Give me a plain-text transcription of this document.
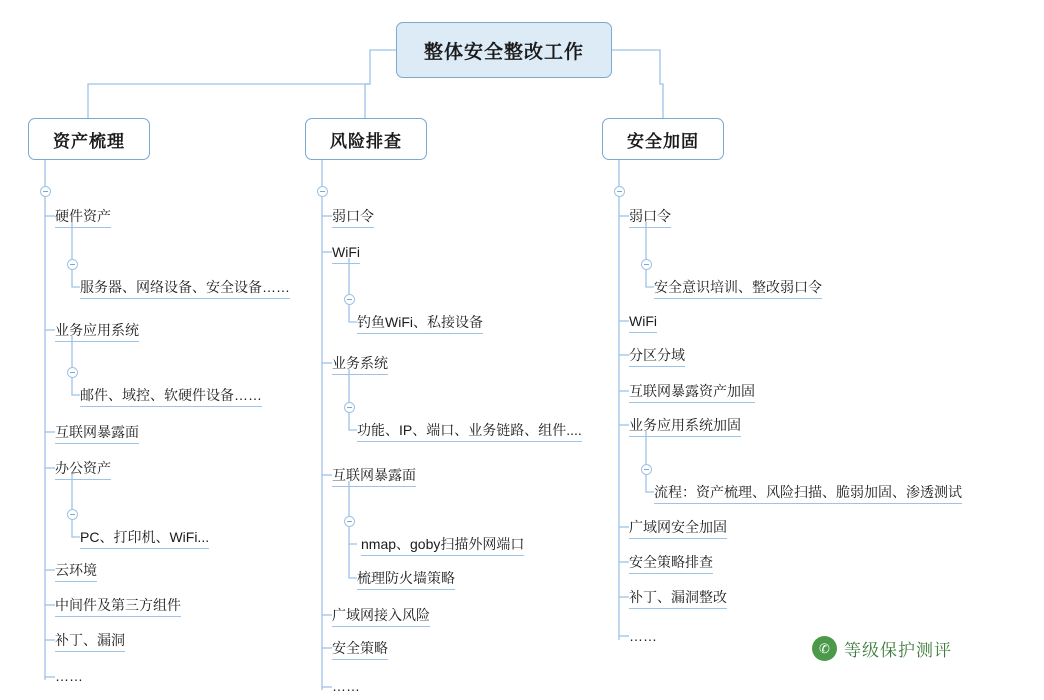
整体安全整改工作
资产梳理
硬件资产
服务器、网络设备、安全设备……
业务应用系统
邮件、域控、软硬件设备……
互联网暴露面
办公资产
PC、打印机、WiFi...
云环境
中间件及第三方组件
补丁、漏洞
……
风险排查
弱口令
WiFi
钓鱼WiFi、私接设备
业务系统
功能、IP、端口、业务链路、组件....
互联网暴露面
nmap、goby扫描外网端口
梳理防火墙策略
广域网接入风险
安全策略
……
安全加固
弱口令
安全意识培训、整改弱口令
WiFi
分区分域
互联网暴露资产加固
业务应用系统加固
流程：资产梳理、风险扫描、脆弱加固、渗透测试
广域网安全加固
安全策略排查
补丁、漏洞整改
……
✆ 等级保护测评
